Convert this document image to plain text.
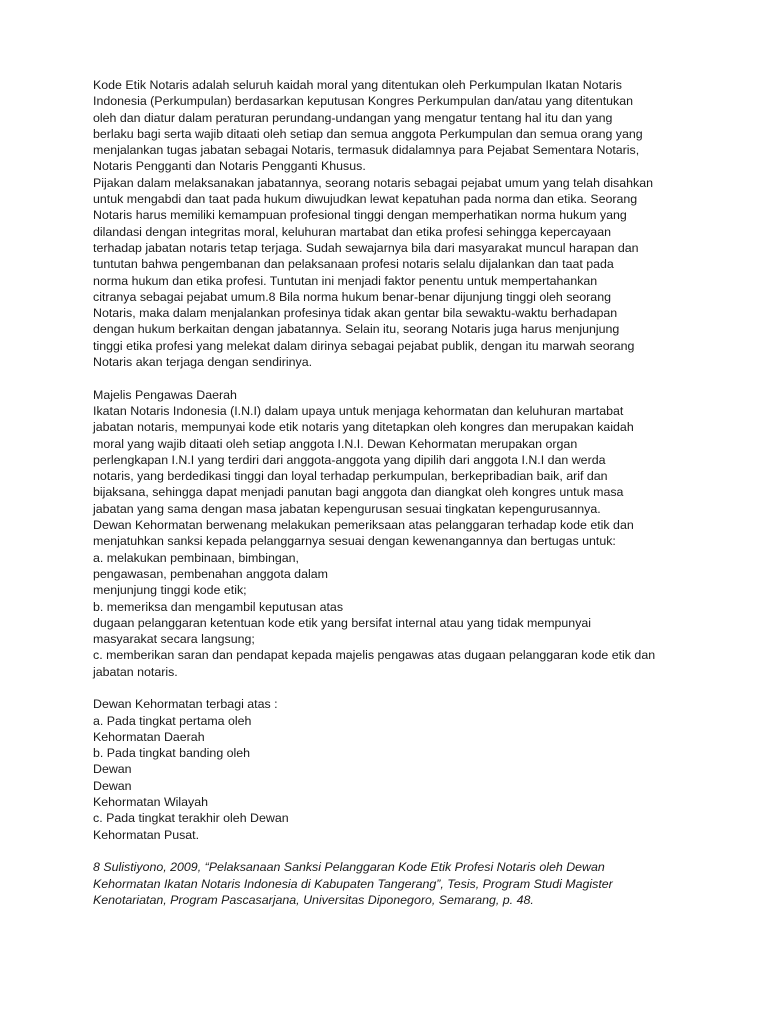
Kode Etik Notaris adalah seluruh kaidah moral yang ditentukan oleh Perkumpulan Ikatan Notaris
Indonesia (Perkumpulan) berdasarkan keputusan Kongres Perkumpulan dan/atau yang ditentukan
oleh dan diatur dalam peraturan perundang-undangan yang mengatur tentang hal itu dan yang
berlaku bagi serta wajib ditaati oleh setiap dan semua anggota Perkumpulan dan semua orang yang
menjalankan tugas jabatan sebagai Notaris, termasuk didalamnya para Pejabat Sementara Notaris,
Notaris Pengganti dan Notaris Pengganti Khusus.

Pijakan dalam melaksanakan jabatannya, seorang notaris sebagai pejabat umum yang telah disahkan
untuk mengabdi dan taat pada hukum diwujudkan lewat kepatuhan pada norma dan etika. Seorang
Notaris harus memiliki kemampuan profesional tinggi dengan memperhatikan norma hukum yang
dilandasi dengan integritas moral, keluhuran martabat dan etika profesi sehingga kepercayaan
terhadap jabatan notaris tetap terjaga. Sudah sewajarnya bila dari masyarakat muncul harapan dan
tuntutan bahwa pengembanan dan pelaksanaan profesi notaris selalu dijalankan dan taat pada
norma hukum dan etika profesi. Tuntutan ini menjadi faktor penentu untuk mempertahankan
citranya sebagai pejabat umum.8 Bila norma hukum benar-benar dijunjung tinggi oleh seorang
Notaris, maka dalam menjalankan profesinya tidak akan gentar bila sewaktu-waktu berhadapan
dengan hukum berkaitan dengan jabatannya. Selain itu, seorang Notaris juga harus menjunjung
tinggi etika profesi yang melekat dalam dirinya sebagai pejabat publik, dengan itu marwah seorang
Notaris akan terjaga dengan sendirinya.

Majelis Pengawas Daerah

Ikatan Notaris Indonesia (I.N.I) dalam upaya untuk menjaga kehormatan dan keluhuran martabat
jabatan notaris, mempunyai kode etik notaris yang ditetapkan oleh kongres dan merupakan kaidah
moral yang wajib ditaati oleh setiap anggota I.N.I. Dewan Kehormatan merupakan organ
perlengkapan I.N.I yang terdiri dari anggota-anggota yang dipilih dari anggota I.N.I dan werda
notaris, yang berdedikasi tinggi dan loyal terhadap perkumpulan, berkepribadian baik, arif dan
bijaksana, sehingga dapat menjadi panutan bagi anggota dan diangkat oleh kongres untuk masa
jabatan yang sama dengan masa jabatan kepengurusan sesuai tingkatan kepengurusannya.

Dewan Kehormatan berwenang melakukan pemeriksaan atas pelanggaran terhadap kode etik dan
menjatuhkan sanksi kepada pelanggarnya sesuai dengan kewenangannya dan bertugas untuk:
a. melakukan pembinaan, bimbingan,
pengawasan, pembenahan anggota dalam
menjunjung tinggi kode etik;
b. memeriksa dan mengambil keputusan atas
dugaan pelanggaran ketentuan kode etik yang bersifat internal atau yang tidak mempunyai
masyarakat secara langsung;
c. memberikan saran dan pendapat kepada majelis pengawas atas dugaan pelanggaran kode etik dan
jabatan notaris.

Dewan Kehormatan terbagi atas :
a. Pada tingkat pertama oleh
Kehormatan Daerah
b. Pada tingkat banding oleh
Dewan
Dewan
Kehormatan Wilayah
c. Pada tingkat terakhir oleh Dewan
Kehormatan Pusat.

8 Sulistiyono, 2009, “Pelaksanaan Sanksi Pelanggaran Kode Etik Profesi Notaris oleh Dewan
Kehormatan Ikatan Notaris Indonesia di Kabupaten Tangerang”, Tesis, Program Studi Magister
Kenotariatan, Program Pascasarjana, Universitas Diponegoro, Semarang, p. 48.
